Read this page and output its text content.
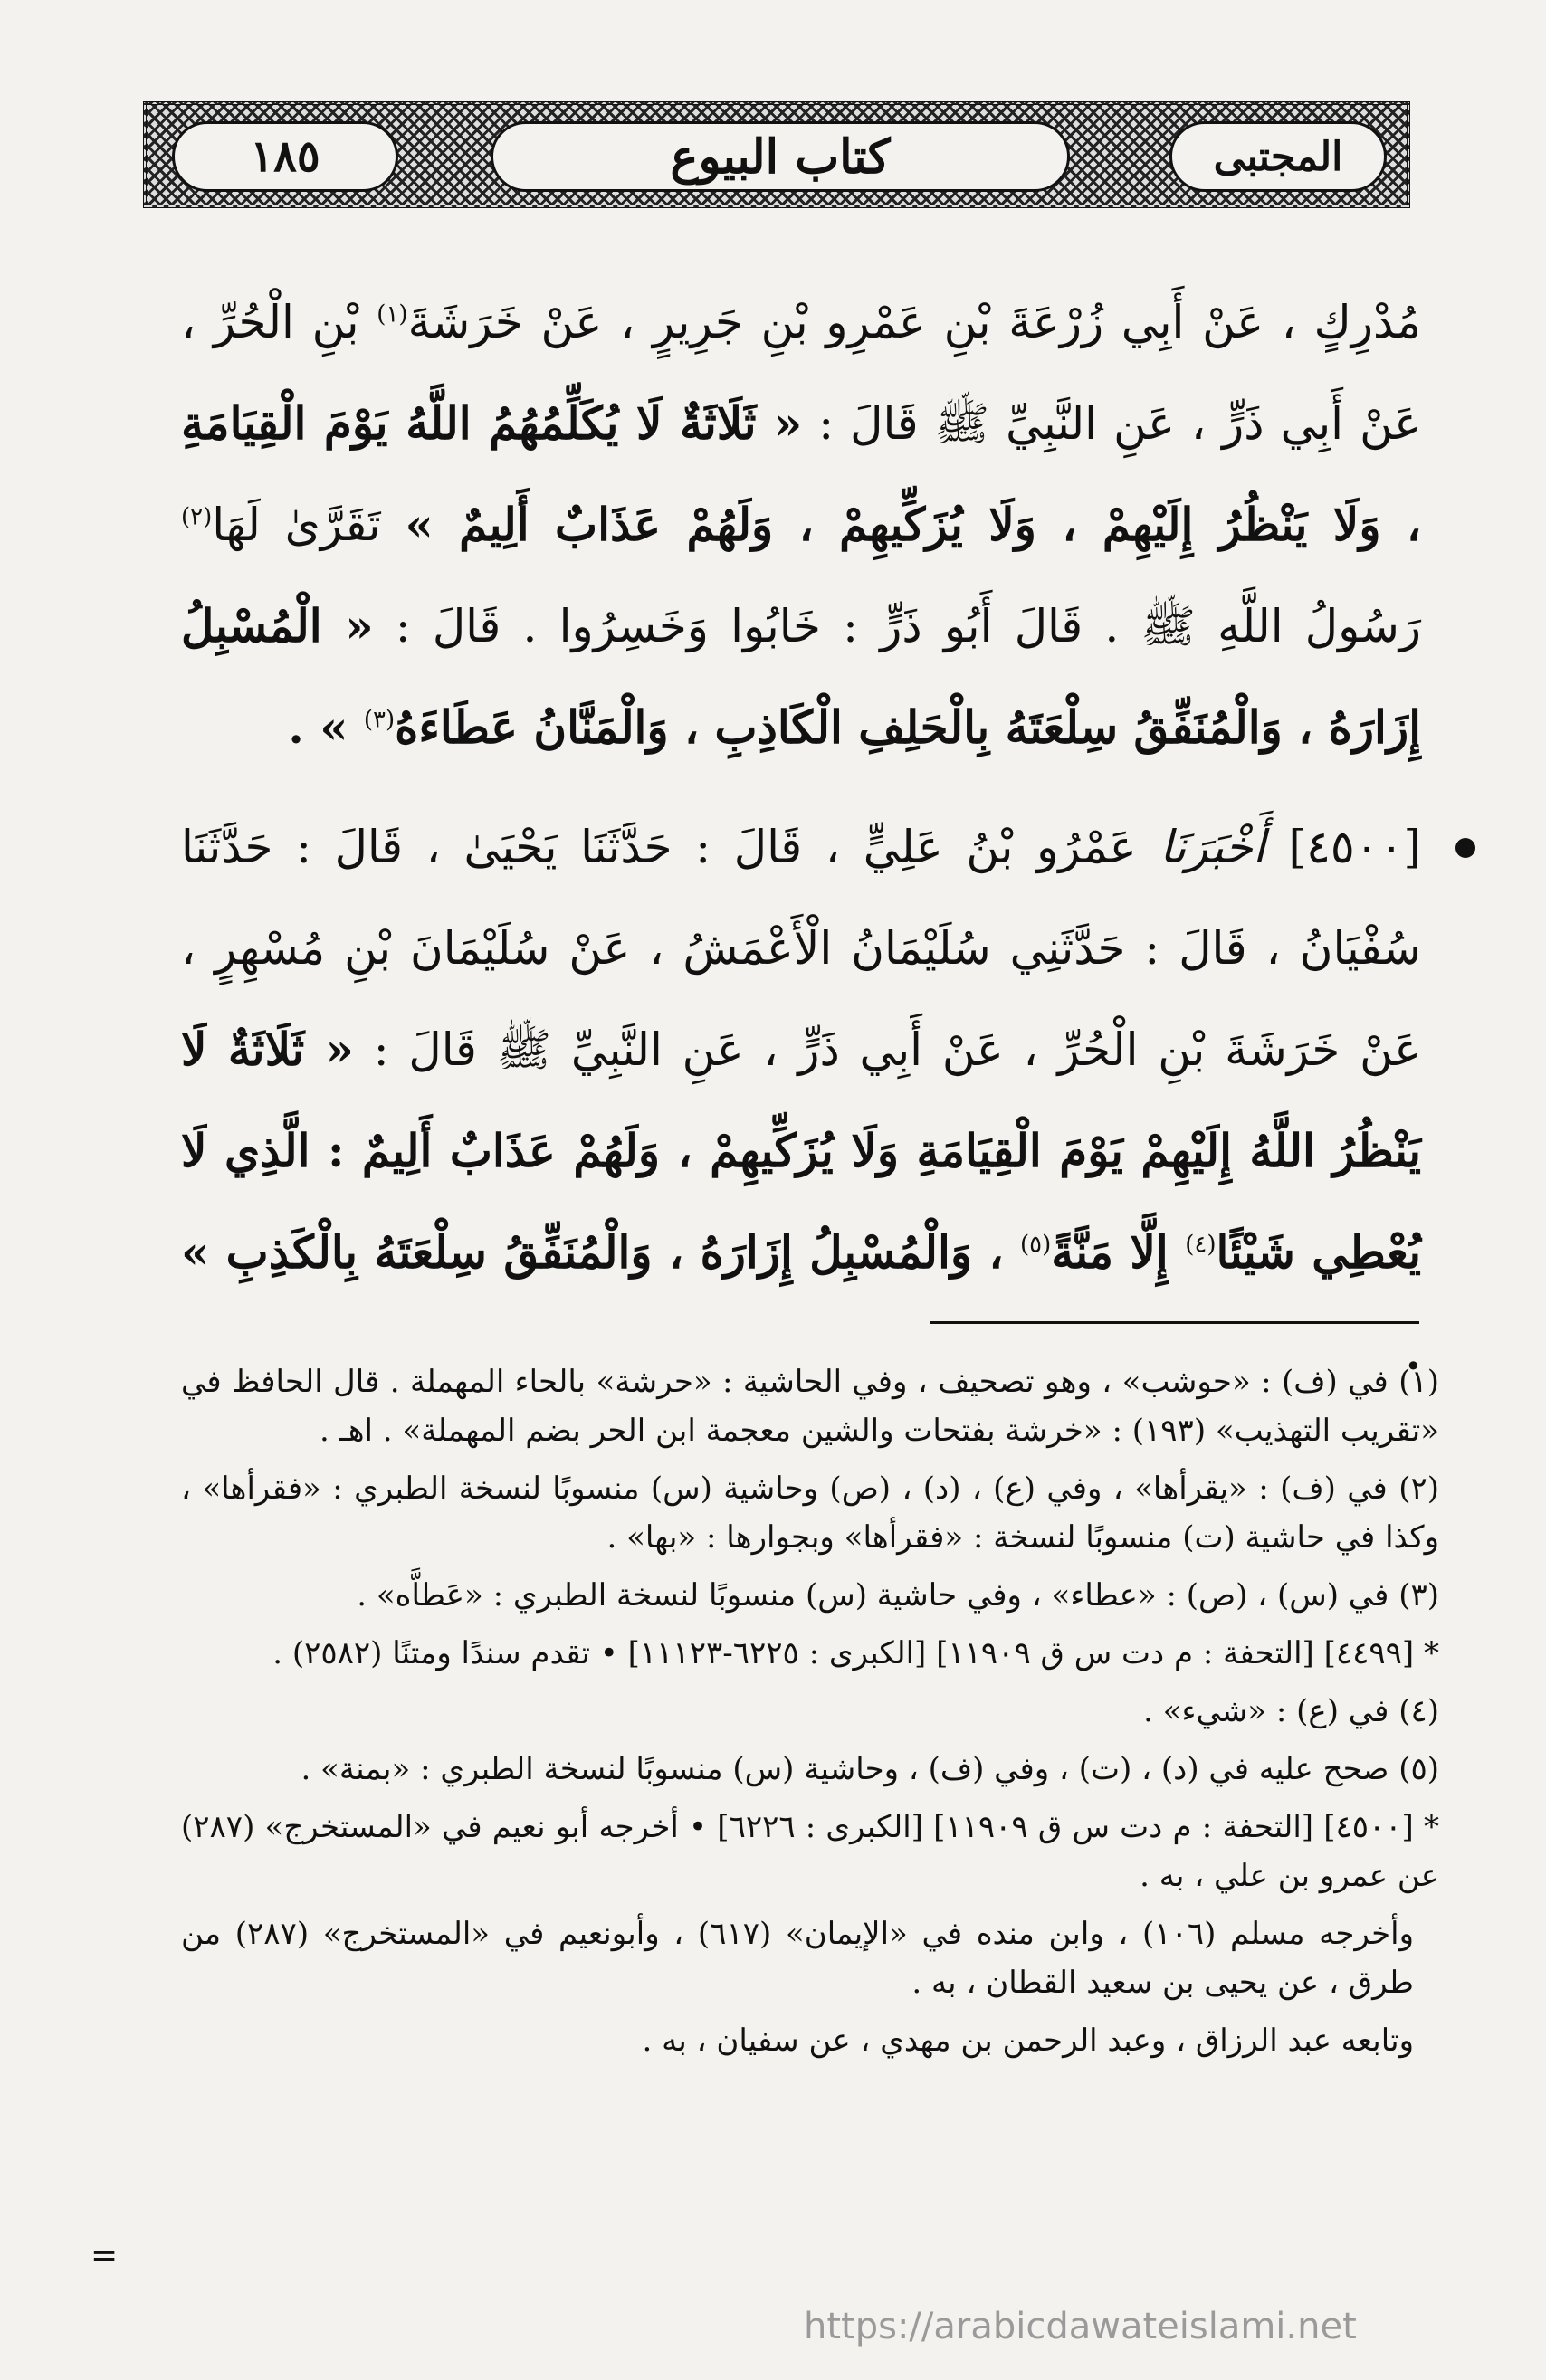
١٨٥	كتاب البيوع	المجتبى
مُدْرِكٍ ، عَنْ أَبِي زُرْعَةَ بْنِ عَمْرِو بْنِ جَرِيرٍ ، عَنْ خَرَشَةَ$^{(١)}$ بْنِ الْحُرِّ ، عَنْ أَبِي ذَرٍّ ، عَنِ النَّبِيِّ ﷺ قَالَ : « ثَلَاثَةٌ لَا يُكَلِّمُهُمُ اللَّهُ يَوْمَ الْقِيَامَةِ ، وَلَا يَنْظُرُ إِلَيْهِمْ ، وَلَا يُزَكِّيهِمْ ، وَلَهُمْ عَذَابٌ أَلِيمٌ » تَقَرَّىٰ لَهَا$^{(٢)}$ رَسُولُ اللَّهِ ﷺ . قَالَ أَبُو ذَرٍّ : خَابُوا وَخَسِرُوا . قَالَ : « الْمُسْبِلُ إِزَارَهُ ، وَالْمُنَفِّقُ سِلْعَتَهُ بِالْحَلِفِ الْكَاذِبِ ، وَالْمَنَّانُ عَطَاءَهُ$^{(٣)}$ » .
[٤٥٠٠] أَخْبَرَنَا عَمْرُو بْنُ عَلِيٍّ ، قَالَ : حَدَّثَنَا يَحْيَىٰ ، قَالَ : حَدَّثَنَا سُفْيَانُ ، قَالَ : حَدَّثَنِي سُلَيْمَانُ الْأَعْمَشُ ، عَنْ سُلَيْمَانَ بْنِ مُسْهِرٍ ، عَنْ خَرَشَةَ بْنِ الْحُرِّ ، عَنْ أَبِي ذَرٍّ ، عَنِ النَّبِيِّ ﷺ قَالَ : « ثَلَاثَةٌ لَا يَنْظُرُ اللَّهُ إِلَيْهِمْ يَوْمَ الْقِيَامَةِ وَلَا يُزَكِّيهِمْ ، وَلَهُمْ عَذَابٌ أَلِيمٌ : الَّذِي لَا يُعْطِي شَيْئًا$^{(٤)}$ إِلَّا مَنَّةً$^{(٥)}$ ، وَالْمُسْبِلُ إِزَارَهُ ، وَالْمُنَفِّقُ سِلْعَتَهُ بِالْكَذِبِ » .

(١) في (ف) : «حوشب» ، وهو تصحيف ، وفي الحاشية : «حرشة» بالحاء المهملة . قال الحافظ في «تقريب التهذيب» (١٩٣) : «خرشة بفتحات والشين معجمة ابن الحر بضم المهملة» . اهـ .

(٢) في (ف) : «يقرأها» ، وفي (ع) ، (د) ، (ص) وحاشية (س) منسوبًا لنسخة الطبري : «فقرأها» ، وكذا في حاشية (ت) منسوبًا لنسخة : «فقرأها» وبجوارها : «بها» .

(٣) في (س) ، (ص) : «عطاء» ، وفي حاشية (س) منسوبًا لنسخة الطبري : «عَطاَّه» .

* [٤٤٩٩] [التحفة : م دت س ق ١١٩٠٩] [الكبرى : ٦٢٢٥-١١١٢٣] • تقدم سندًا ومتنًا (٢٥٨٢) .

(٤) في (ع) : «شيء» .

(٥) صحح عليه في (د) ، (ت) ، وفي (ف) ، وحاشية (س) منسوبًا لنسخة الطبري : «بمنة» .

* [٤٥٠٠] [التحفة : م دت س ق ١١٩٠٩] [الكبرى : ٦٢٢٦] • أخرجه أبو نعيم في «المستخرج» (٢٨٧) عن عمرو بن علي ، به .

وأخرجه مسلم (١٠٦) ، وابن منده في «الإيمان» (٦١٧) ، وأبونعيم في «المستخرج» (٢٨٧) من طرق ، عن يحيى بن سعيد القطان ، به .

وتابعه عبد الرزاق ، وعبد الرحمن بن مهدي ، عن سفيان ، به .

=
https://arabicdawateislami.net
